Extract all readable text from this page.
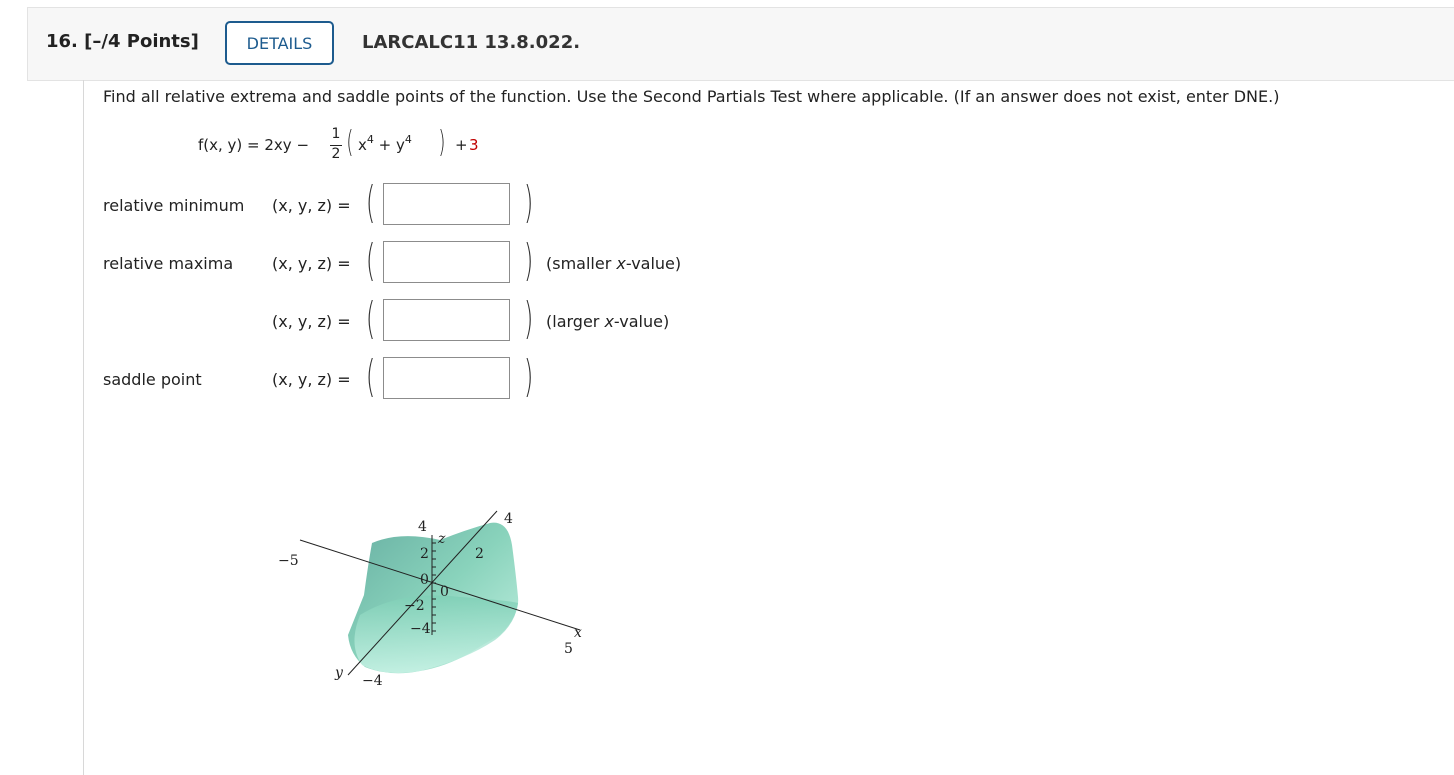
16. [–/4 Points]	DETAILS	LARCALC11 13.8.022.
Find all relative extrema and saddle points of the function. Use the Second Partials Test where applicable. (If an answer does not exist, enter DNE.)
f(x, y) = 2xy −
1
2 ( $x^4 + y^4$ ) + 3
relative minimum (x, y, z) = (	)
relative maxima (x, y, z) = (	) (smaller x-value)
(x, y, z) = (	) (larger x-value)
saddle point	(x, y, z) = (	)
x
5
−5
y
4
−4
z
4
2
0
−2
−4
2
0
